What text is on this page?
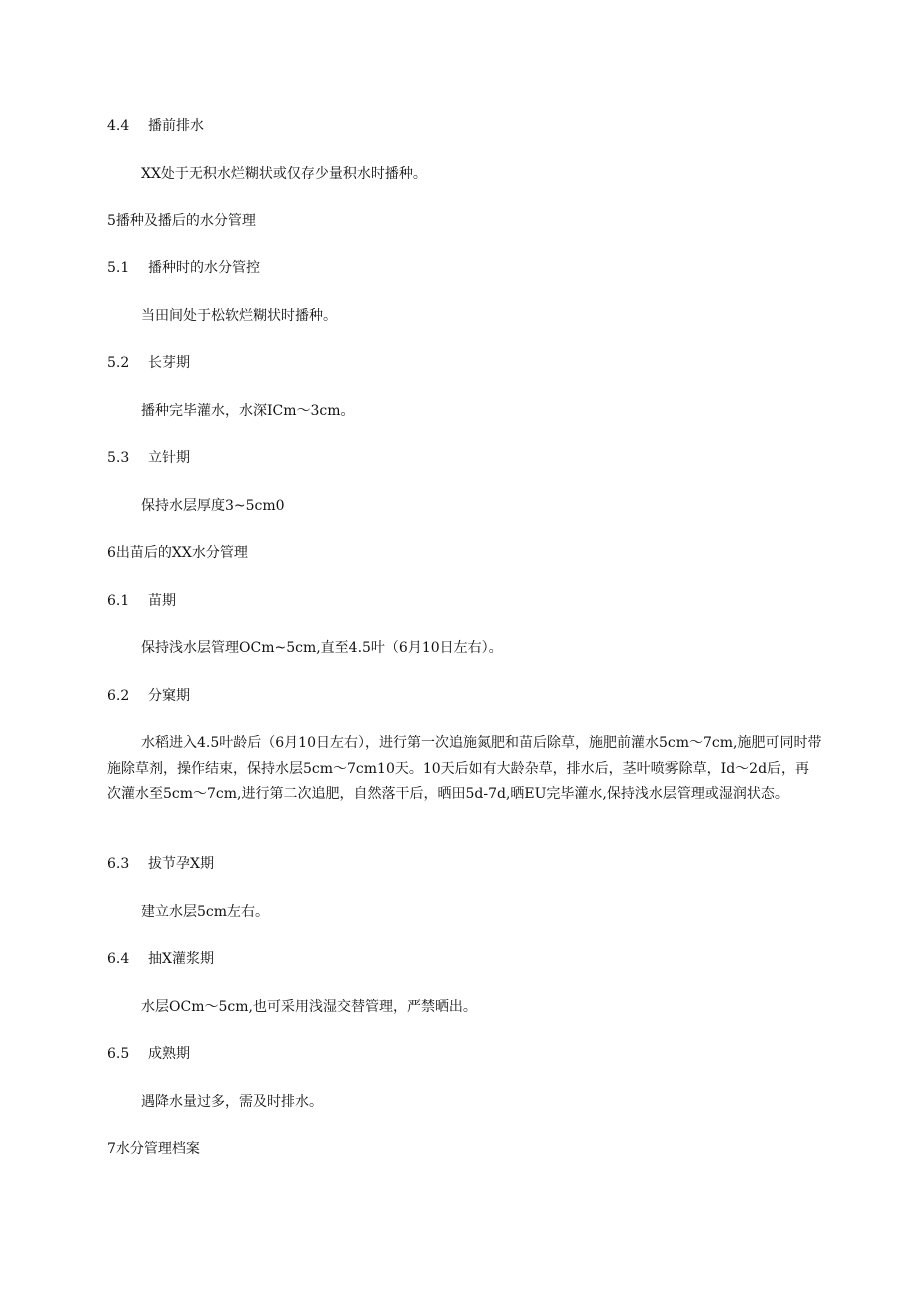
4.4 播前排水
XX处于无积水烂糊状或仅存少量积水时播种。
5播种及播后的水分管理
5.1 播种时的水分管控
当田间处于松软烂糊状时播种。
5.2 长芽期
播种完毕灌水，水深ICm～3cm。
5.3 立针期
保持水层厚度3~5cm0
6出苗后的XX水分管理
6.1 苗期
保持浅水层管理OCm~5cm,直至4.5叶（6月10日左右）。
6.2 分窠期
水稻进入4.5叶龄后（6月10日左右），进行第一次追施氮肥和苗后除草，施肥前灌水5cm～7cm,施肥可同时带施除草剂，操作结束，保持水层5cm～7cm10天。10天后如有大龄杂草，排水后，茎叶喷雾除草，Id～2d后，再次灌水至5cm～7cm,进行第二次追肥，自然落干后，晒田5d-7d,晒EU完毕灌水,保持浅水层管理或湿润状态。
6.3 拔节孕X期
建立水层5cm左右。
6.4 抽X灌浆期
水层OCm～5cm,也可采用浅湿交替管理，严禁晒出。
6.5 成熟期
遇降水量过多，需及时排水。
7水分管理档案
